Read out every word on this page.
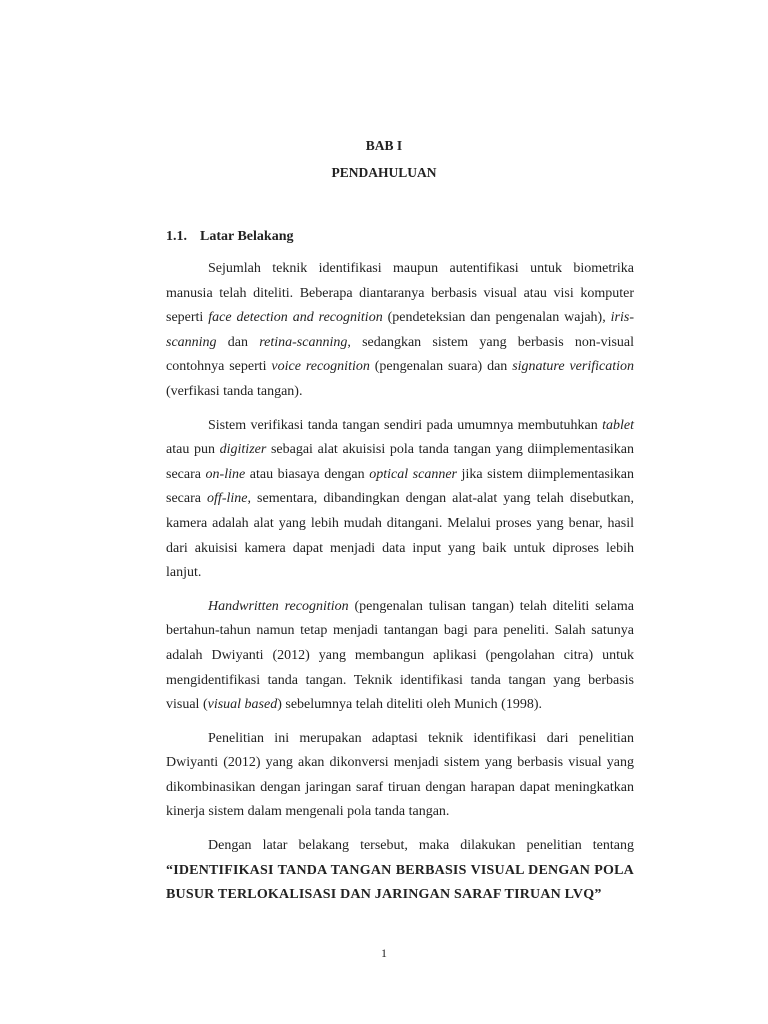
BAB I
PENDAHULUAN
1.1. Latar Belakang

Sejumlah teknik identifikasi maupun autentifikasi untuk biometrika manusia telah diteliti. Beberapa diantaranya berbasis visual atau visi komputer seperti face detection and recognition (pendeteksian dan pengenalan wajah), iris-scanning dan retina-scanning, sedangkan sistem yang berbasis non-visual contohnya seperti voice recognition (pengenalan suara) dan signature verification (verfikasi tanda tangan).

Sistem verifikasi tanda tangan sendiri pada umumnya membutuhkan tablet atau pun digitizer sebagai alat akuisisi pola tanda tangan yang diimplementasikan secara on-line atau biasaya dengan optical scanner jika sistem diimplementasikan secara off-line, sementara, dibandingkan dengan alat-alat yang telah disebutkan, kamera adalah alat yang lebih mudah ditangani. Melalui proses yang benar, hasil dari akuisisi kamera dapat menjadi data input yang baik untuk diproses lebih lanjut.

Handwritten recognition (pengenalan tulisan tangan) telah diteliti selama bertahun-tahun namun tetap menjadi tantangan bagi para peneliti. Salah satunya adalah Dwiyanti (2012) yang membangun aplikasi (pengolahan citra) untuk mengidentifikasi tanda tangan. Teknik identifikasi tanda tangan yang berbasis visual (visual based) sebelumnya telah diteliti oleh Munich (1998).

Penelitian ini merupakan adaptasi teknik identifikasi dari penelitian Dwiyanti (2012) yang akan dikonversi menjadi sistem yang berbasis visual yang dikombinasikan dengan jaringan saraf tiruan dengan harapan dapat meningkatkan kinerja sistem dalam mengenali pola tanda tangan.

Dengan latar belakang tersebut, maka dilakukan penelitian tentang “IDENTIFIKASI TANDA TANGAN BERBASIS VISUAL DENGAN POLA BUSUR TERLOKALISASI DAN JARINGAN SARAF TIRUAN LVQ”

1
